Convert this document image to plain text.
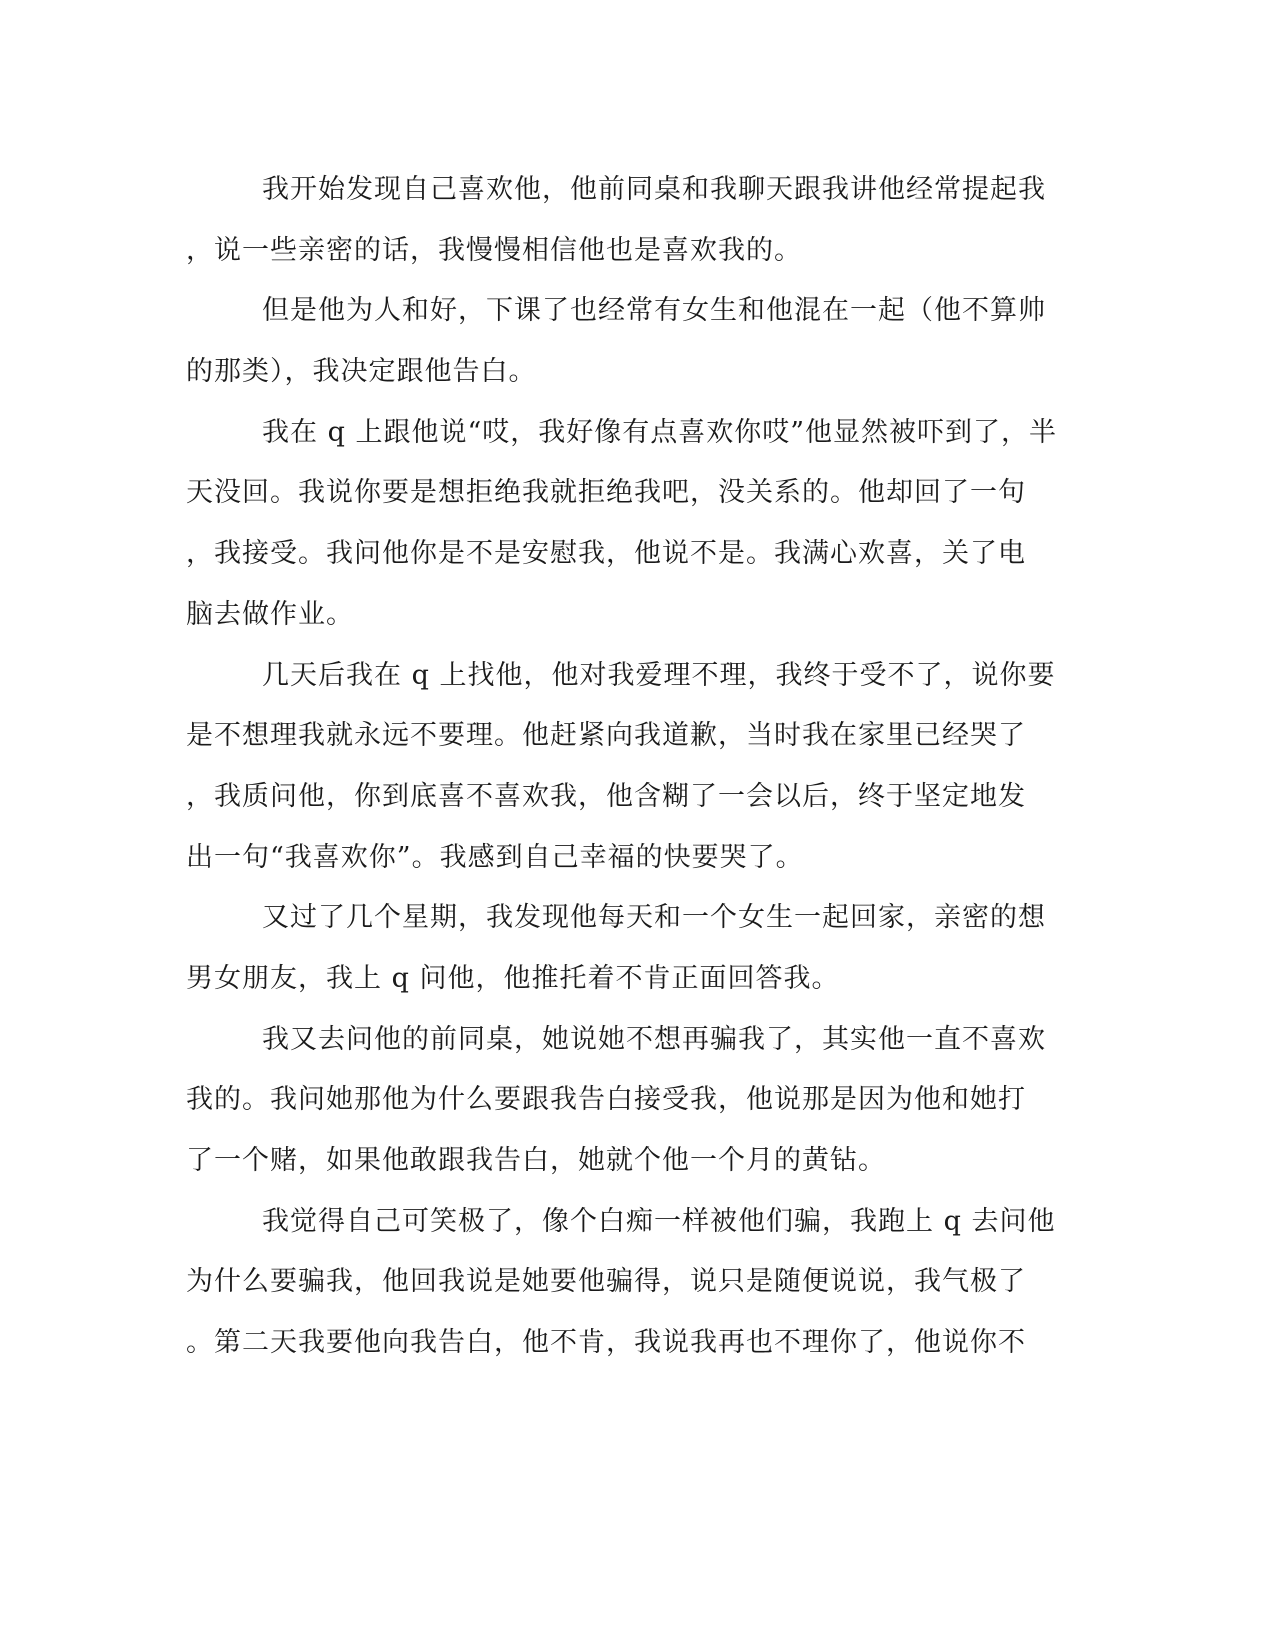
我开始发现自己喜欢他，他前同桌和我聊天跟我讲他经常提起我
，说一些亲密的话，我慢慢相信他也是喜欢我的。
但是他为人和好，下课了也经常有女生和他混在一起（他不算帅
的那类），我决定跟他告白。
我在 q 上跟他说“哎，我好像有点喜欢你哎”他显然被吓到了，半
天没回。我说你要是想拒绝我就拒绝我吧，没关系的。他却回了一句
，我接受。我问他你是不是安慰我，他说不是。我满心欢喜，关了电
脑去做作业。
几天后我在 q 上找他，他对我爱理不理，我终于受不了，说你要
是不想理我就永远不要理。他赶紧向我道歉，当时我在家里已经哭了
，我质问他，你到底喜不喜欢我，他含糊了一会以后，终于坚定地发
出一句“我喜欢你”。我感到自己幸福的快要哭了。
又过了几个星期，我发现他每天和一个女生一起回家，亲密的想
男女朋友，我上 q 问他，他推托着不肯正面回答我。
我又去问他的前同桌，她说她不想再骗我了，其实他一直不喜欢
我的。我问她那他为什么要跟我告白接受我，他说那是因为他和她打
了一个赌，如果他敢跟我告白，她就个他一个月的黄钻。
我觉得自己可笑极了，像个白痴一样被他们骗，我跑上 q 去问他
为什么要骗我，他回我说是她要他骗得，说只是随便说说，我气极了
。第二天我要他向我告白，他不肯，我说我再也不理你了，他说你不
